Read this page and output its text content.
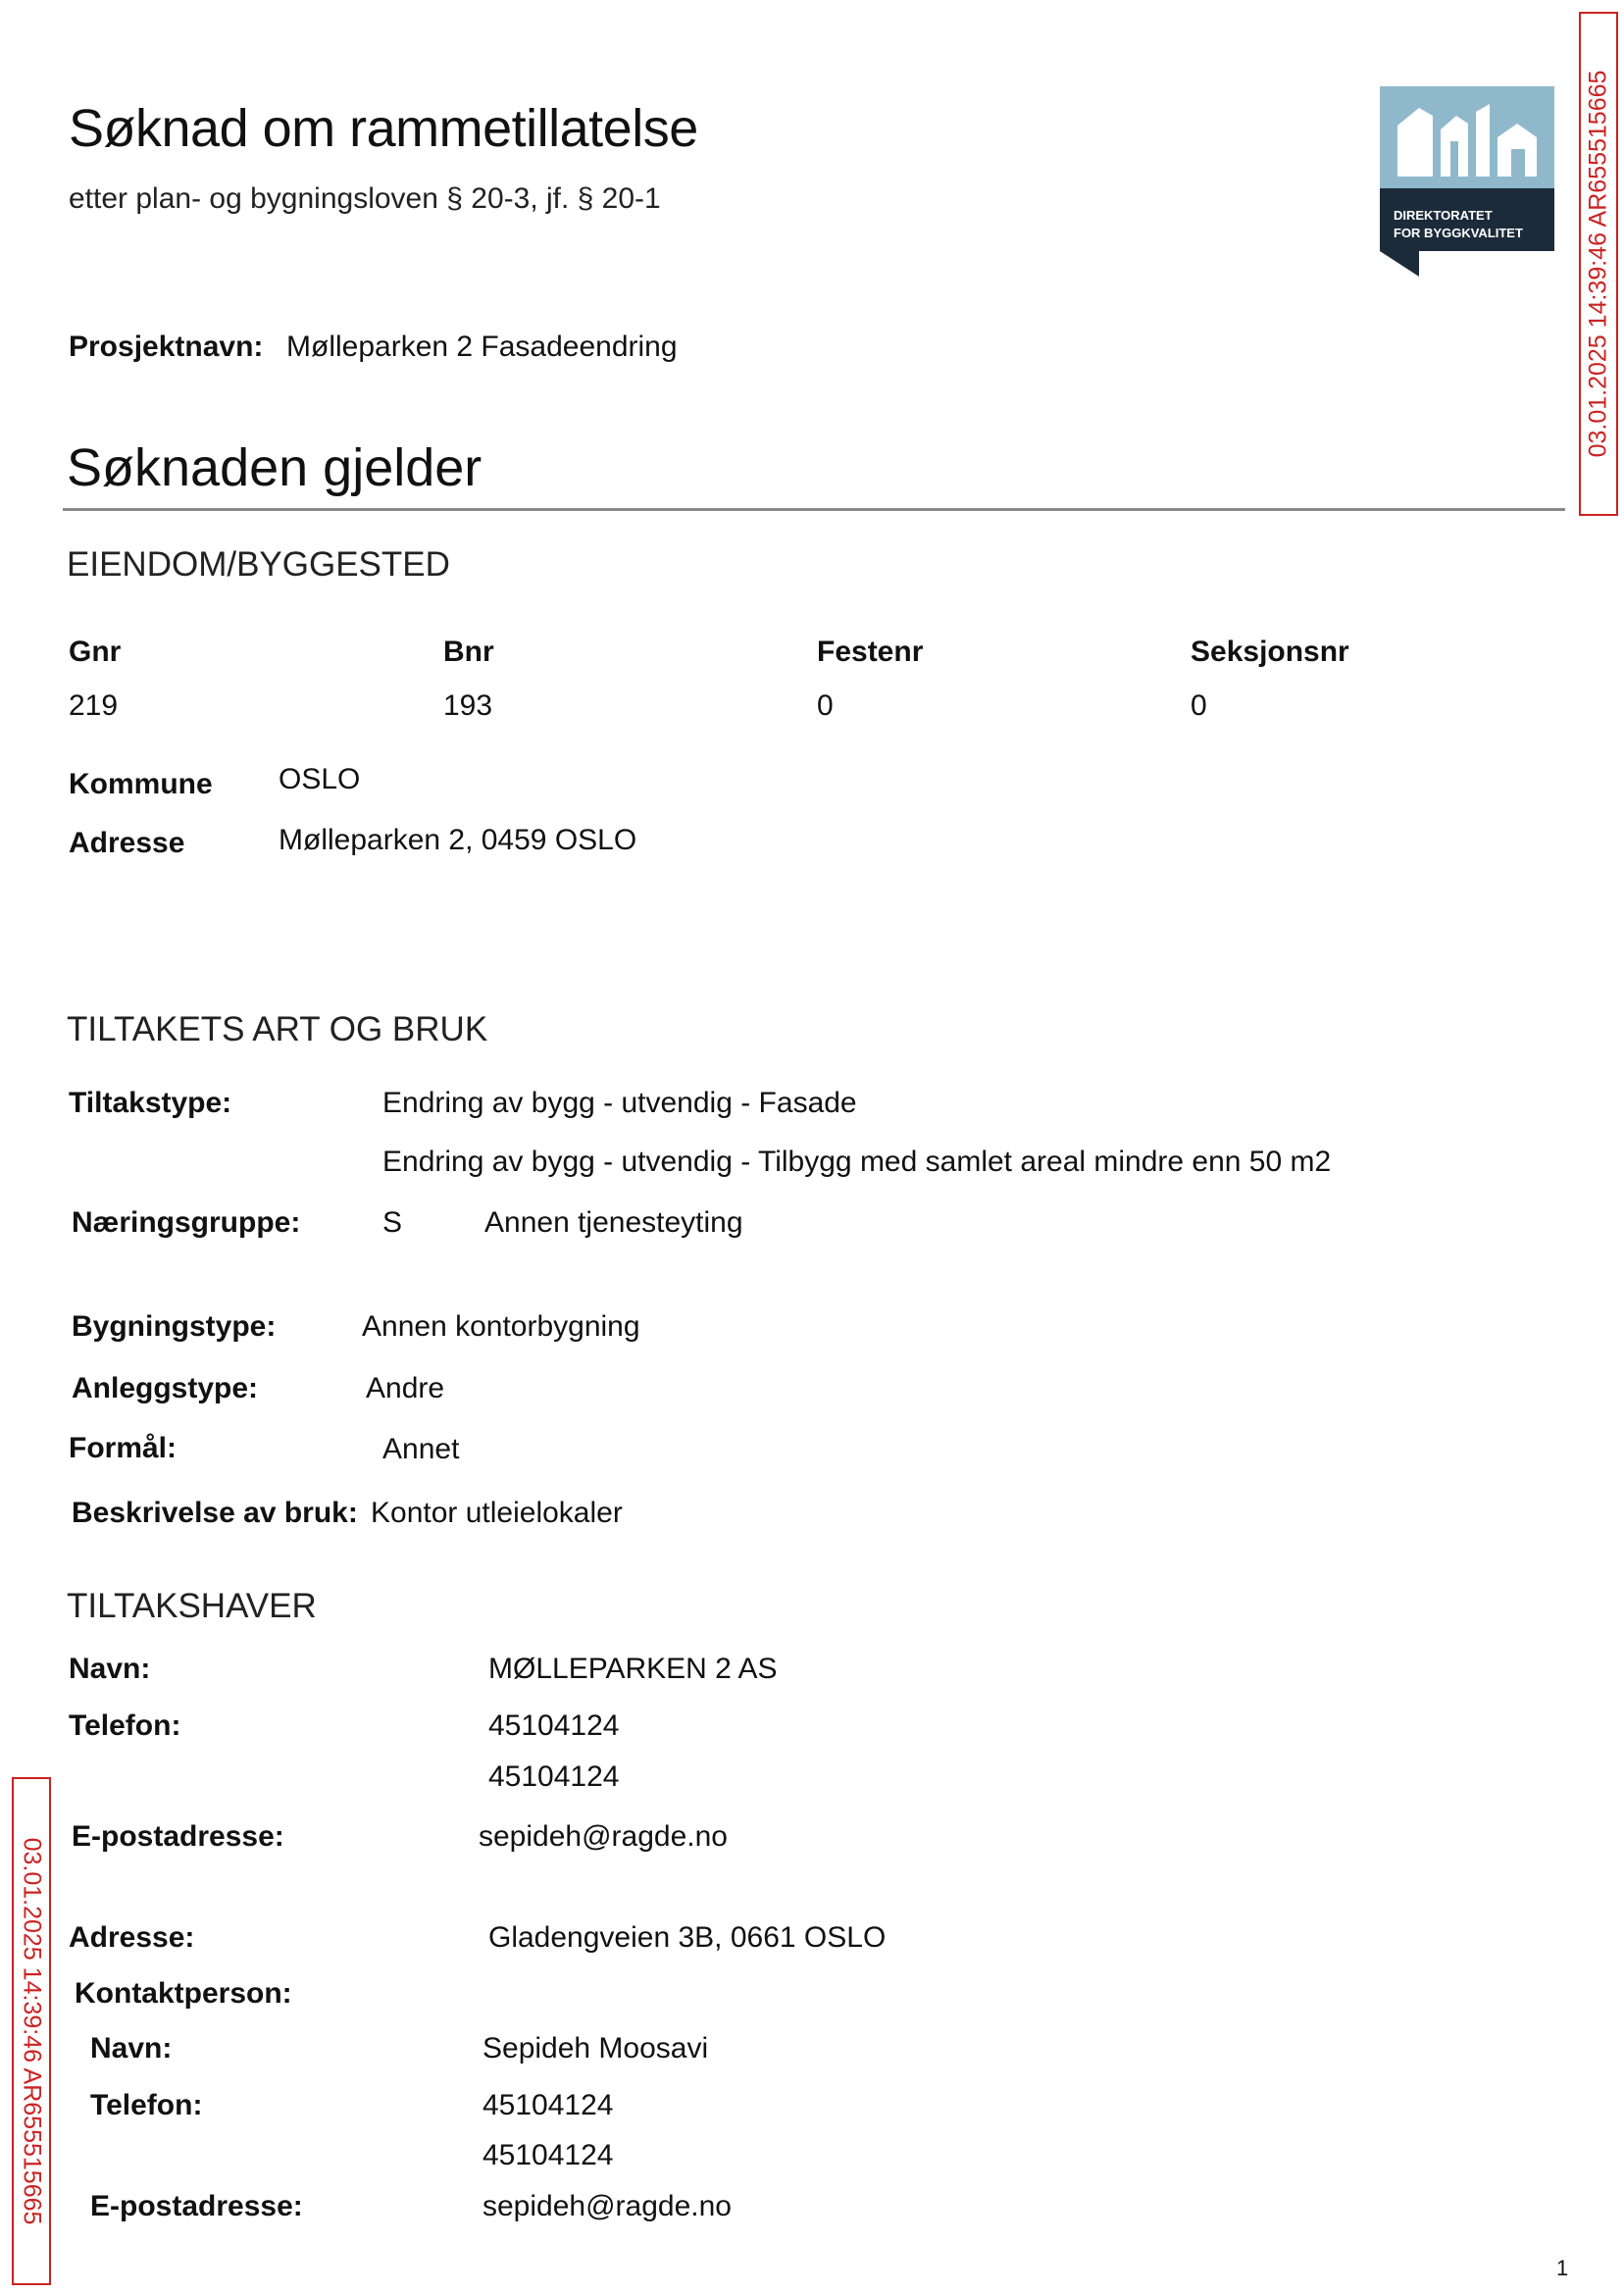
Søknad om rammetillatelse
etter plan- og bygningsloven § 20-3, jf. § 20-1
DIREKTORATET
FOR BYGGKVALITET	03.01.2025 14:39:46 AR655515665
Prosjektnavn: Mølleparken 2 Fasadeendring
Søknaden gjelder
EIENDOM/BYGGESTED
Gnr	Bnr	Festenr	Seksjonsnr
219	193	0	0
Kommune OSLO
Adresse	Mølleparken 2, 0459 OSLO
TILTAKETS ART OG BRUK
Tiltakstype:	Endring av bygg - utvendig - Fasade
Endring av bygg - utvendig - Tilbygg med samlet areal mindre enn 50 m2
Næringsgruppe:	S	Annen tjenesteyting
Bygningstype:	Annen kontorbygning
Anleggstype:	Andre
Formål:	Annet
Beskrivelse av bruk: Kontor utleielokaler
TILTAKSHAVER
Navn:	MØLLEPARKEN 2 AS
Telefon:	45104124
45104124
E-postadresse:	sepideh@ragde.no
Adresse:	Gladengveien 3B, 0661 OSLO
Kontaktperson:
Navn:	Sepideh Moosavi
Telefon:	45104124
45104124
E-postadresse:	sepideh@ragde.no
03.01.2025 14:39:46 AR655515665
1
